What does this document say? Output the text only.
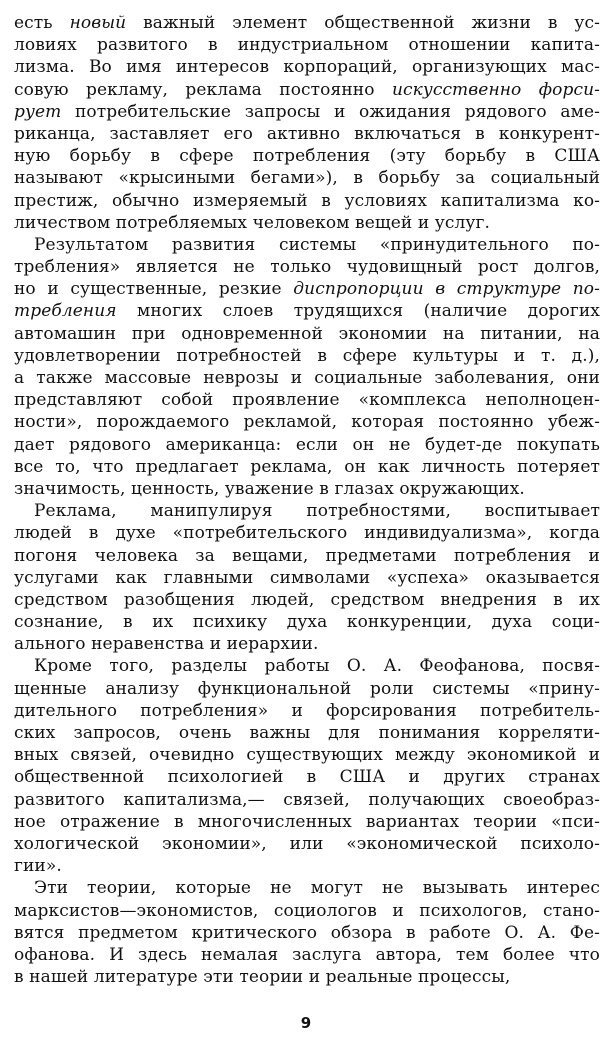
есть новый важный элемент общественной жизни в ус-
ловиях развитого в индустриальном отношении капита-
лизма. Во имя интересов корпораций, организующих мас-
совую рекламу, реклама постоянно искусственно форси-
рует потребительские запросы и ожидания рядового аме-
риканца, заставляет его активно включаться в конкурент-
ную борьбу в сфере потребления (эту борьбу в США
называют «крысиными бегами»), в борьбу за социальный
престиж, обычно измеряемый в условиях капитализма ко-
личеством потребляемых человеком вещей и услуг.
Результатом развития системы «принудительного по-
требления» является не только чудовищный рост долгов,
но и существенные, резкие диспропорции в структуре по-
требления многих слоев трудящихся (наличие дорогих
автомашин при одновременной экономии на питании, на
удовлетворении потребностей в сфере культуры и т. д.),
а также массовые неврозы и социальные заболевания, они
представляют собой проявление «комплекса неполноцен-
ности», порождаемого рекламой, которая постоянно убеж-
дает рядового американца: если он не будет-де покупать
все то, что предлагает реклама, он как личность потеряет
значимость, ценность, уважение в глазах окружающих.
Реклама, манипулируя потребностями, воспитывает
людей в духе «потребительского индивидуализма», когда
погоня человека за вещами, предметами потребления и
услугами как главными символами «успеха» оказывается
средством разобщения людей, средством внедрения в их
сознание, в их психику духа конкуренции, духа соци-
ального неравенства и иерархии.
Кроме того, разделы работы О. А. Феофанова, посвя-
щенные анализу функциональной роли системы «прину-
дительного потребления» и форсирования потребитель-
ских запросов, очень важны для понимания корреляти-
вных связей, очевидно существующих между экономикой и
общественной психологией в США и других странах
развитого капитализма,— связей, получающих своеобраз-
ное отражение в многочисленных вариантах теории «пси-
хологической экономии», или «экономической психоло-
гии».
Эти теории, которые не могут не вызывать интерес
марксистов—экономистов, социологов и психологов, стано-
вятся предметом критического обзора в работе О. А. Фе-
офанова. И здесь немалая заслуга автора, тем более что
в нашей литературе эти теории и реальные процессы,
9
